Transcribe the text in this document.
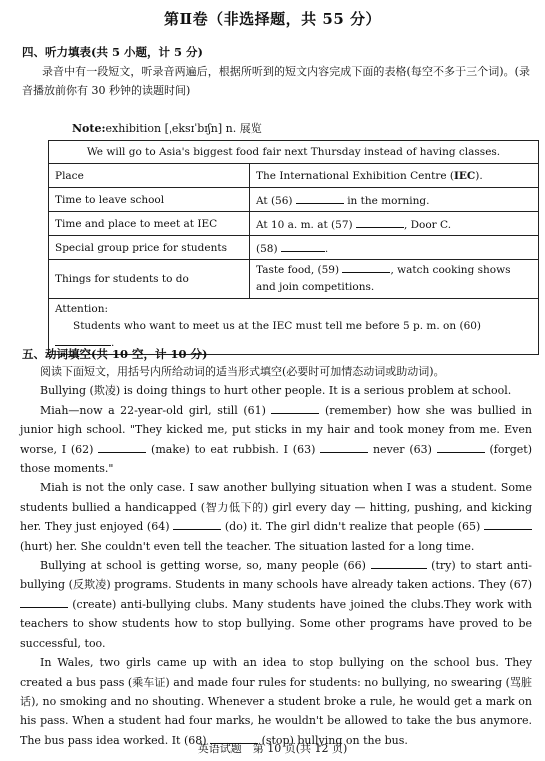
第Ⅱ卷（非选择题，共 55 分）
四、听力填表(共 5 小题，计 5 分)
录音中有一段短文，听录音两遍后，根据所听到的短文内容完成下面的表格(每空不多于三个词)。(录音播放前你有 30 秒钟的读题时间)
Note:exhibition [ˌeksɪˈbɪʃn] n. 展览
We will go to Asia's biggest food fair next Thursday instead of having classes.	
Place	The International Exhibition Centre (IEC).
Time to leave school	At (56) in the morning.
Time and place to meet at IEC	At 10 a. m. at (57) , Door C.
Special group price for students	(58) .
Things for students to do	Taste food, (59) , watch cooking shows and join competitions.

Attention:
Students who want to meet us at the IEC must tell me before 5 p. m. on (60) .	
五、动词填空(共 10 空，计 10 分)

阅读下面短文，用括号内所给动词的适当形式填空(必要时可加情态动词或助动词)。

Bullying (欺凌) is doing things to hurt other people. It is a serious problem at school.

Miah—now a 22-year-old girl, still (61)	(remember) how she was bullied in junior high school. "They kicked me, put sticks in my hair and took money from me. Even worse, I (62)	(make) to eat rubbish. I (63)	never (63)	(forget) those moments."

Miah is not the only case. I saw another bullying situation when I was a student. Some students bullied a handicapped (智力低下的) girl every day — hitting, pushing, and kicking her. They just enjoyed (64)	(do) it. The girl didn't realize that people (65)  (hurt) her. She couldn't even tell the teacher. The situation lasted for a long time.

Bullying at school is getting worse, so, many people (66)	(try) to start anti-bullying (反欺凌) programs. Students in many schools have already taken actions. They (67)  (create) anti-bullying clubs. Many students have joined the clubs.They work with teachers to show students how to stop bullying. Some other programs have proved to be successful, too.

In Wales, two girls came up with an idea to stop bullying on the school bus. They created a bus pass (乘车证) and made four rules for students: no bullying, no swearing (骂脏话), no smoking and no shouting. Whenever a student broke a rule, he would get a mark on his pass. When a student had four marks, he wouldn't be allowed to take the bus anymore. The bus pass idea worked. It (68)	(stop) bullying on the bus.

英语试题　第 10 页(共 12 页)
